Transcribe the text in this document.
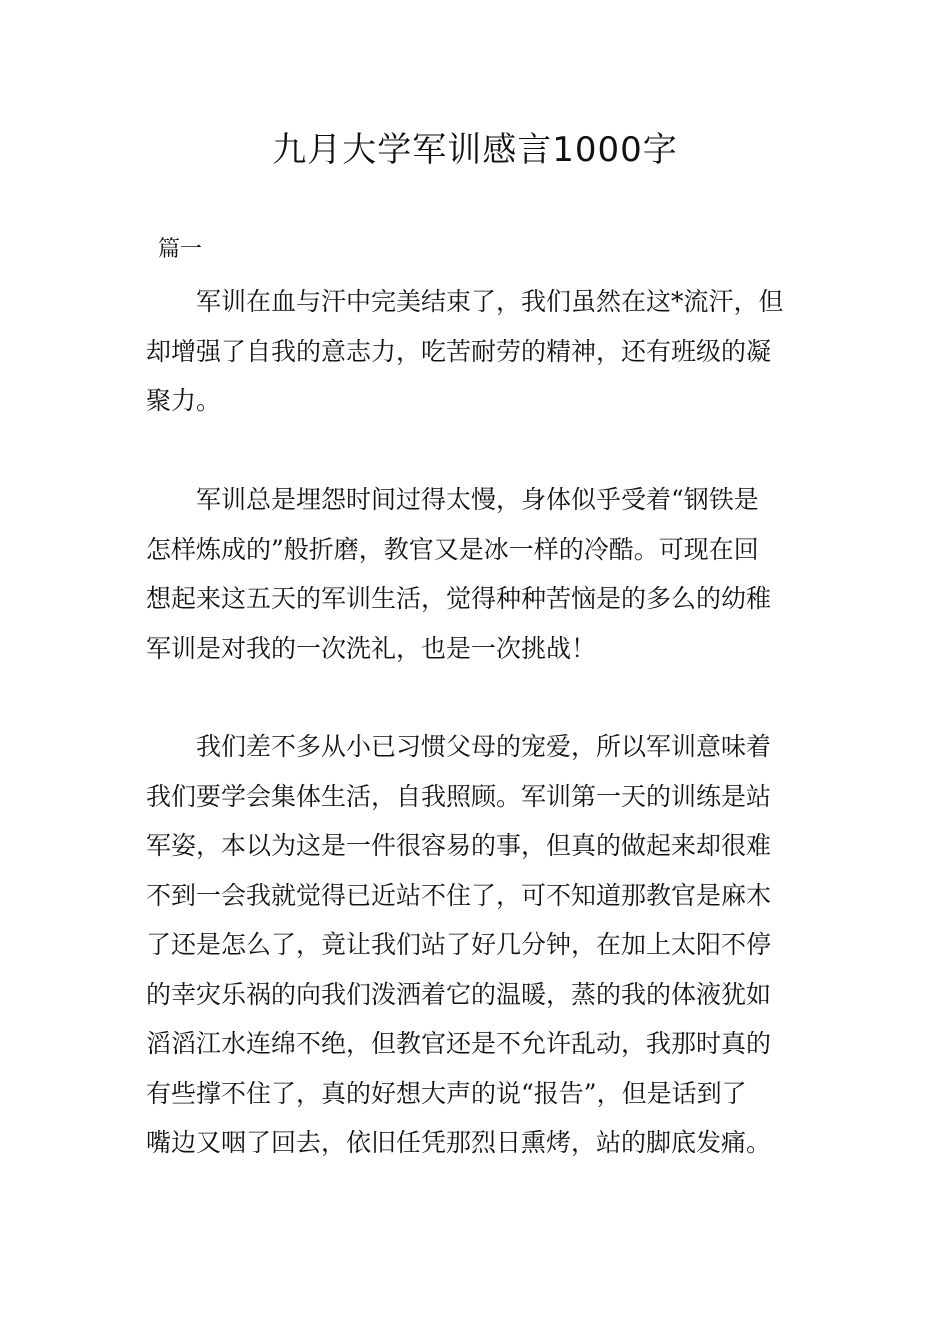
九月大学军训感言1000字

篇一

军训在血与汗中完美结束了，我们虽然在这*流汗，但
却增强了自我的意志力，吃苦耐劳的精神，还有班级的凝
聚力。
军训总是埋怨时间过得太慢，身体似乎受着“钢铁是
怎样炼成的”般折磨，教官又是冰一样的冷酷。可现在回
想起来这五天的军训生活，觉得种种苦恼是的多么的幼稚
军训是对我的一次洗礼，也是一次挑战！
我们差不多从小已习惯父母的宠爱，所以军训意味着
我们要学会集体生活，自我照顾。军训第一天的训练是站
军姿，本以为这是一件很容易的事，但真的做起来却很难
不到一会我就觉得已近站不住了，可不知道那教官是麻木
了还是怎么了，竟让我们站了好几分钟，在加上太阳不停
的幸灾乐祸的向我们泼洒着它的温暖，蒸的我的体液犹如
滔滔江水连绵不绝，但教官还是不允许乱动，我那时真的
有些撑不住了，真的好想大声的说“报告”，但是话到了
嘴边又咽了回去，依旧任凭那烈日熏烤，站的脚底发痛。
